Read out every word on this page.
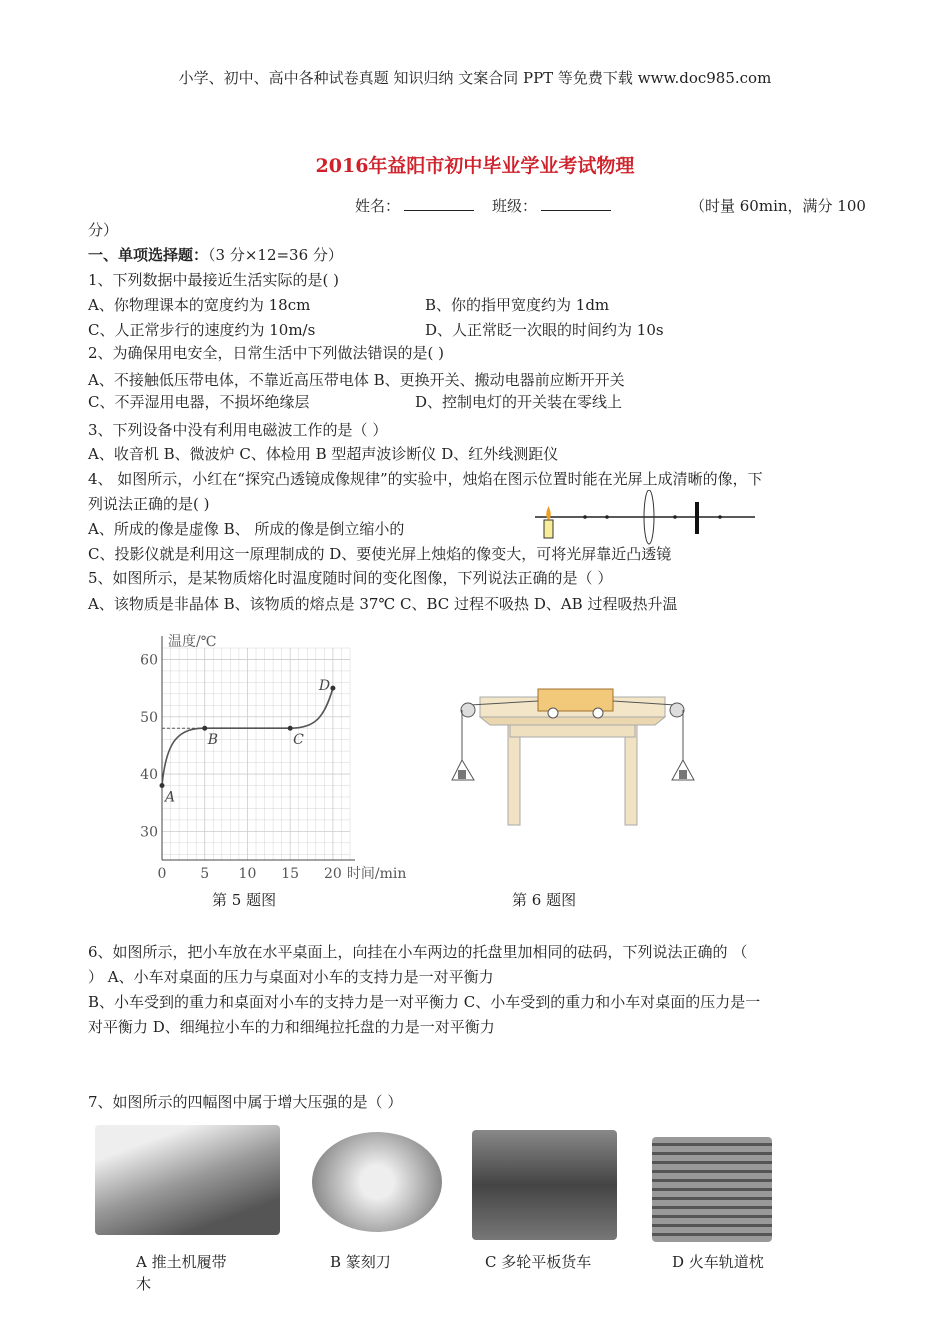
小学、初中、高中各种试卷真题 知识归纳 文案合同 PPT 等免费下载 www.doc985.com
2016年益阳市初中毕业学业考试物理
姓名：	班级：	（时量 60min，满分 100
分）
一、单项选择题：（3 分×12=36 分）
1、下列数据中最接近生活实际的是( )
A、你物理课本的宽度约为 18cm	B、你的指甲宽度约为 1dm
C、人正常步行的速度约为 10m/s	D、人正常眨一次眼的时间约为 10s
2、为确保用电安全，日常生活中下列做法错误的是( )
A、不接触低压带电体，不靠近高压带电体 B、更换开关、搬动电器前应断开开关
C、不弄湿用电器，不损坏绝缘层	D、控制电灯的开关装在零线上
3、下列设备中没有利用电磁波工作的是（ ）
A、收音机 B、微波炉 C、体检用 B 型超声波诊断仪 D、红外线测距仪
4、 如图所示，小红在“探究凸透镜成像规律”的实验中，烛焰在图示位置时能在光屏上成清晰的像，下
列说法正确的是( )
A、所成的像是虚像 B、 所成的像是倒立缩小的
C、投影仪就是利用这一原理制成的 D、要使光屏上烛焰的像变大，可将光屏靠近凸透镜
5、如图所示，是某物质熔化时温度随时间的变化图像，下列说法正确的是（ ）
A、该物质是非晶体 B、该物质的熔点是 37℃ C、BC 过程不吸热 D、AB 过程吸热升温
30
40
50
60
0 5 10 15 20
温度/℃
时间/min
A
B	C
D
第 5 题图	第 6 题图
6、如图所示，把小车放在水平桌面上，向挂在小车两边的托盘里加相同的砝码，下列说法正确的 （
） A、小车对桌面的压力与桌面对小车的支持力是一对平衡力
B、小车受到的重力和桌面对小车的支持力是一对平衡力 C、小车受到的重力和小车对桌面的压力是一
对平衡力 D、细绳拉小车的力和细绳拉托盘的力是一对平衡力
7、如图所示的四幅图中属于增大压强的是（ ）
A 推土机履带
木
B 篆刻刀	C 多轮平板货车	D 火车轨道枕
